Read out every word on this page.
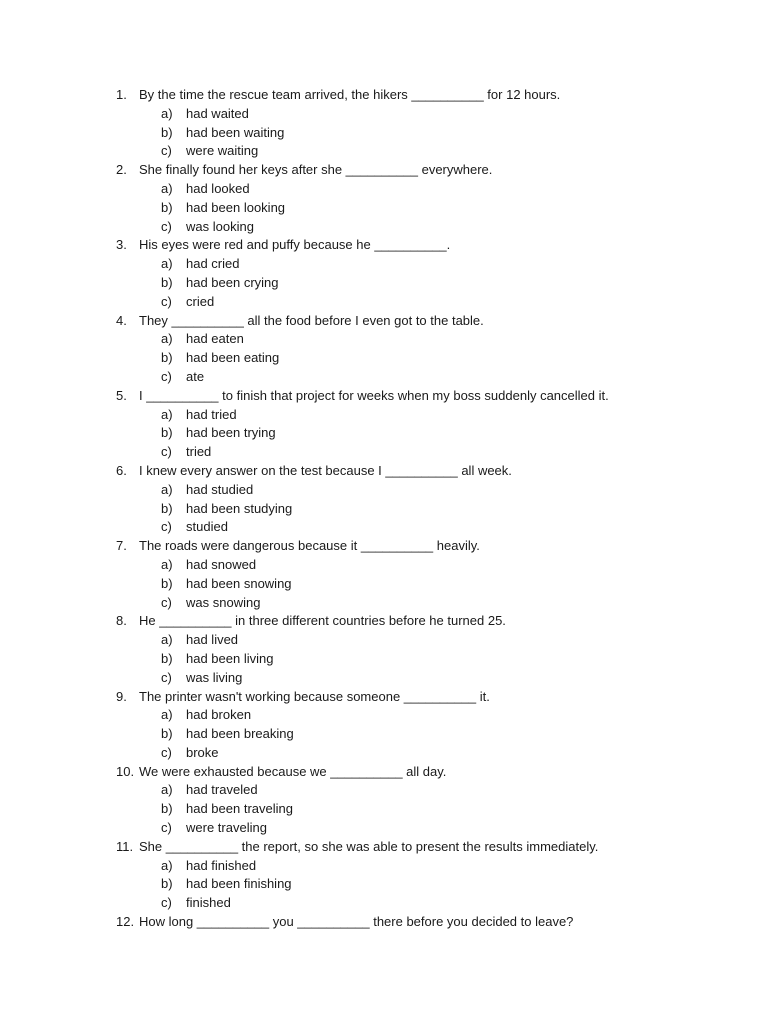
1. By the time the rescue team arrived, the hikers __________ for 12 hours.
a) had waited
b) had been waiting
c) were waiting
2. She finally found her keys after she __________ everywhere.
a) had looked
b) had been looking
c) was looking
3. His eyes were red and puffy because he __________.
a) had cried
b) had been crying
c) cried
4. They __________ all the food before I even got to the table.
a) had eaten
b) had been eating
c) ate
5. I __________ to finish that project for weeks when my boss suddenly cancelled it.
a) had tried
b) had been trying
c) tried
6. I knew every answer on the test because I __________ all week.
a) had studied
b) had been studying
c) studied
7. The roads were dangerous because it __________ heavily.
a) had snowed
b) had been snowing
c) was snowing
8. He __________ in three different countries before he turned 25.
a) had lived
b) had been living
c) was living
9. The printer wasn't working because someone __________ it.
a) had broken
b) had been breaking
c) broke
10. We were exhausted because we __________ all day.
a) had traveled
b) had been traveling
c) were traveling
11. She __________ the report, so she was able to present the results immediately.
a) had finished
b) had been finishing
c) finished
12. How long __________ you __________ there before you decided to leave?
